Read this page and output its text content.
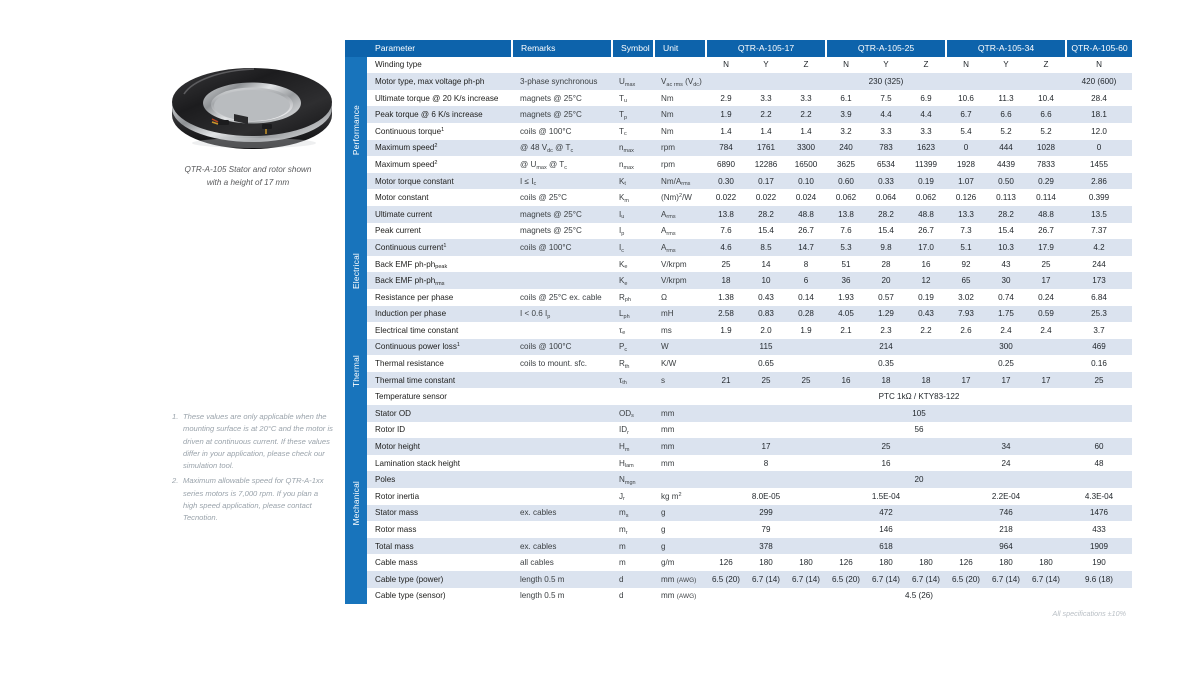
QTR-A-105 Stator and rotor shown
with a height of 17 mm
1. These values are only applicable when the mounting surface is at 20°C and the motor is driven at continuous current. If these values differ in your application, please check our simulation tool.
2. Maximum allowable speed for QTR-A-1xx series motors is 7,000 rpm. If you plan a high speed application, please contact Tecnotion.
	Parameter	Remarks	Symbol	Unit	QTR-A-105-17			QTR-A-105-25			QTR-A-105-34			QTR-A-105-60
Performance	Winding type				N	Y	Z	N	Y	Z	N	Y	Z	N
	Motor type, max voltage ph-ph	3-phase synchronous	$U_{max}$	$V_{ac rms}$ $(V_{dc})$	230 (325)									420 (600)
	Ultimate torque @ 20 K/s increase	magnets @ 25°C	$T_u$	Nm	2.9	3.3	3.3	6.1	7.5	6.9	10.6	11.3	10.4	28.4
	Peak torque @ 6 K/s increase	magnets @ 25°C	$T_p$	Nm	1.9	2.2	2.2	3.9	4.4	4.4	6.7	6.6	6.6	18.1
	Continuous torque$^1$	coils @ 100°C	$T_c$	Nm	1.4	1.4	1.4	3.2	3.3	3.3	5.4	5.2	5.2	12.0
	Maximum speed$^2$	@ 48 $V_{dc}$ @ $T_c$	$n_{max}$	rpm	784	1761	3300	240	783	1623	0	444	1028	0
	Maximum speed$^2$	@ $U_{max}$ @ $T_c$	$n_{max}$	rpm	6890	12286	16500	3625	6534	11399	1928	4439	7833	1455
	Motor torque constant	$I \le I_c$	$K_t$	$Nm/A_{rms}$	0.30	0.17	0.10	0.60	0.33	0.19	1.07	0.50	0.29	2.86
	Motor constant	coils @ 25°C	$K_m$	$(Nm)^2/W$	0.022	0.022	0.024	0.062	0.064	0.062	0.126	0.113	0.114	0.399
Electrical	Ultimate current	magnets @ 25°C	$I_u$	$A_{rms}$	13.8	28.2	48.8	13.8	28.2	48.8	13.3	28.2	48.8	13.5
	Peak current	magnets @ 25°C	$I_p$	$A_{rms}$	7.6	15.4	26.7	7.6	15.4	26.7	7.3	15.4	26.7	7.37
	Continuous current$^1$	coils @ 100°C	$I_c$	$A_{rms}$	4.6	8.5	14.7	5.3	9.8	17.0	5.1	10.3	17.9	4.2
	Back EMF $ph-ph_{peak}$		$K_e$	V/krpm	25	14	8	51	28	16	92	43	25	244
	Back EMF $ph-ph_{rms}$		$K_e$	V/krpm	18	10	6	36	20	12	65	30	17	173
	Resistance per phase	coils @ 25°C ex. cable	$R_{ph}$	Ω	1.38	0.43	0.14	1.93	0.57	0.19	3.02	0.74	0.24	6.84
	Induction per phase	I < 0.6 $I_p$	$L_{ph}$	mH	2.58	0.83	0.28	4.05	1.29	0.43	7.93	1.75	0.59	25.3
	Electrical time constant		$\tau_e$	ms	1.9	2.0	1.9	2.1	2.3	2.2	2.6	2.4	2.4	3.7
Thermal	Continuous power loss$^1$	coils @ 100°C	$P_c$	W	115			214			300			469
	Thermal resistance	coils to mount. sfc.	$R_{th}$	K/W	0.65			0.35			0.25			0.16
	Thermal time constant		$\tau_{th}$	s	21	25	25	16	18	18	17	17	17	25
	Temperature sensor				PTC 1kΩ / KTY83-122									
Mechanical	Stator OD		$OD_s$	mm	105									
	Rotor ID		$ID_r$	mm	56									
	Motor height		$H_m$	mm	17			25			34			60
	Lamination stack height		$H_{lam}$	mm	8			16			24			48
	Poles		$N_{mgn}$		20									
	Rotor inertia		$J_r$	kg $m^2$	8.0E-05			1.5E-04			2.2E-04			4.3E-04
	Stator mass	ex. cables	$m_s$	g	299			472			746			1476
	Rotor mass		$m_r$	g	79			146			218			433
	Total mass	ex. cables	m	g	378			618			964			1909
	Cable mass	all cables	m	g/m	126	180	180	126	180	180	126	180	180	190
	Cable type (power)	length 0.5 m	d	mm (AWG)	6.5 (20)	6.7 (14)	6.7 (14)	6.5 (20)	6.7 (14)	6.7 (14)	6.5 (20)	6.7 (14)	6.7 (14)	9.6 (18)
	Cable type (sensor)	length 0.5 m	d	mm (AWG)	4.5 (26)									
All specifications ±10%
